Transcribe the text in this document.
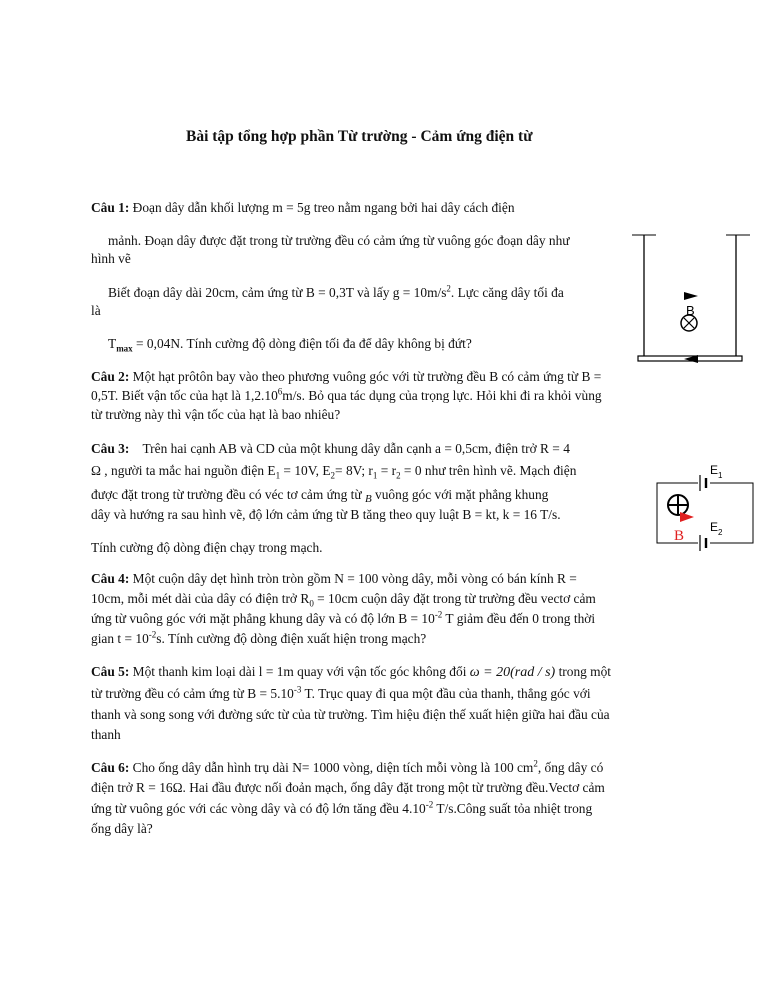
Bài tập tổng hợp phần Từ trường - Cảm ứng điện từ
Câu 1: Đoạn dây dẫn khối lượng m = 5g treo nằm ngang bởi hai dây cách điện
mảnh. Đoạn dây được đặt trong từ trường đều có cảm ứng từ vuông góc đoạn dây như
hình vẽ
Biết đoạn dây dài 20cm, cảm ứng từ B = 0,3T và lấy $g = 10m/s^2$. Lực căng dây tối đa
là
$T_{max} = 0,04N$. Tính cường độ dòng điện tối đa để dây không bị đứt?
B
Câu 2: Một hạt prôtôn bay vào theo phương vuông góc với từ trường đều B có cảm ứng từ B =
0,5T. Biết vận tốc của hạt là 1,2.10$^6$m/s. Bỏ qua tác dụng của trọng lực. Hỏi khi đi ra khỏi vùng
từ trường này thì vận tốc của hạt là bao nhiêu?
Câu 3:    Trên hai cạnh AB và CD của một khung dây dẫn cạnh a = 0,5cm, điện trở R = 4
Ω , người ta mắc hai nguồn điện $E_1 = 10V$, $E_2= 8V$; $r_1 = r_2 = 0$ như trên hình vẽ. Mạch điện
được đặt trong từ trường đều có véc tơ cảm ứng từ $_B$ vuông góc với mặt phẳng khung
dây và hướng ra sau hình vẽ, độ lớn cảm ứng từ B tăng theo quy luật B = kt, k = 16 T/s.
Tính cường độ dòng điện chạy trong mạch.
$E_1$
$E_2$
B
Câu 4: Một cuộn dây dẹt hình tròn tròn gồm N = 100 vòng dây, mỗi vòng có bán kính R =
10cm, mỗi mét dài của dây có điện trở $R_0 = 10cm$ cuộn dây đặt trong từ trường đều vectơ cảm
ứng từ vuông góc với mặt phẳng khung dây và có độ lớn $B = 10^{-2}$ T giảm đều đến 0 trong thời
gian $t = 10^{-2}s$. Tính cường độ dòng điện xuất hiện trong mạch?
Câu 5: Một thanh kim loại dài l = 1m quay với vận tốc góc không đổi ω = 20(rad / s) trong một
từ trường đều có cảm ứng từ $B = 5.10^{-3}$ T. Trục quay đi qua một đầu của thanh, thẳng góc với
thanh và song song với đường sức từ của từ trường. Tìm hiệu điện thế xuất hiện giữa hai đầu của
thanh
Câu 6: Cho ống dây dẫn hình trụ dài N= 1000 vòng, diện tích mỗi vòng là 100 $cm^2$, ống dây có
điện trở R = 16Ω. Hai đầu được nối đoản mạch, ống dây đặt trong một từ trường đều.Vectơ cảm
ứng từ vuông góc với các vòng dây và có độ lớn tăng đều $4.10^{-2}$ T/s.Công suất tỏa nhiệt trong
ống dây là?
